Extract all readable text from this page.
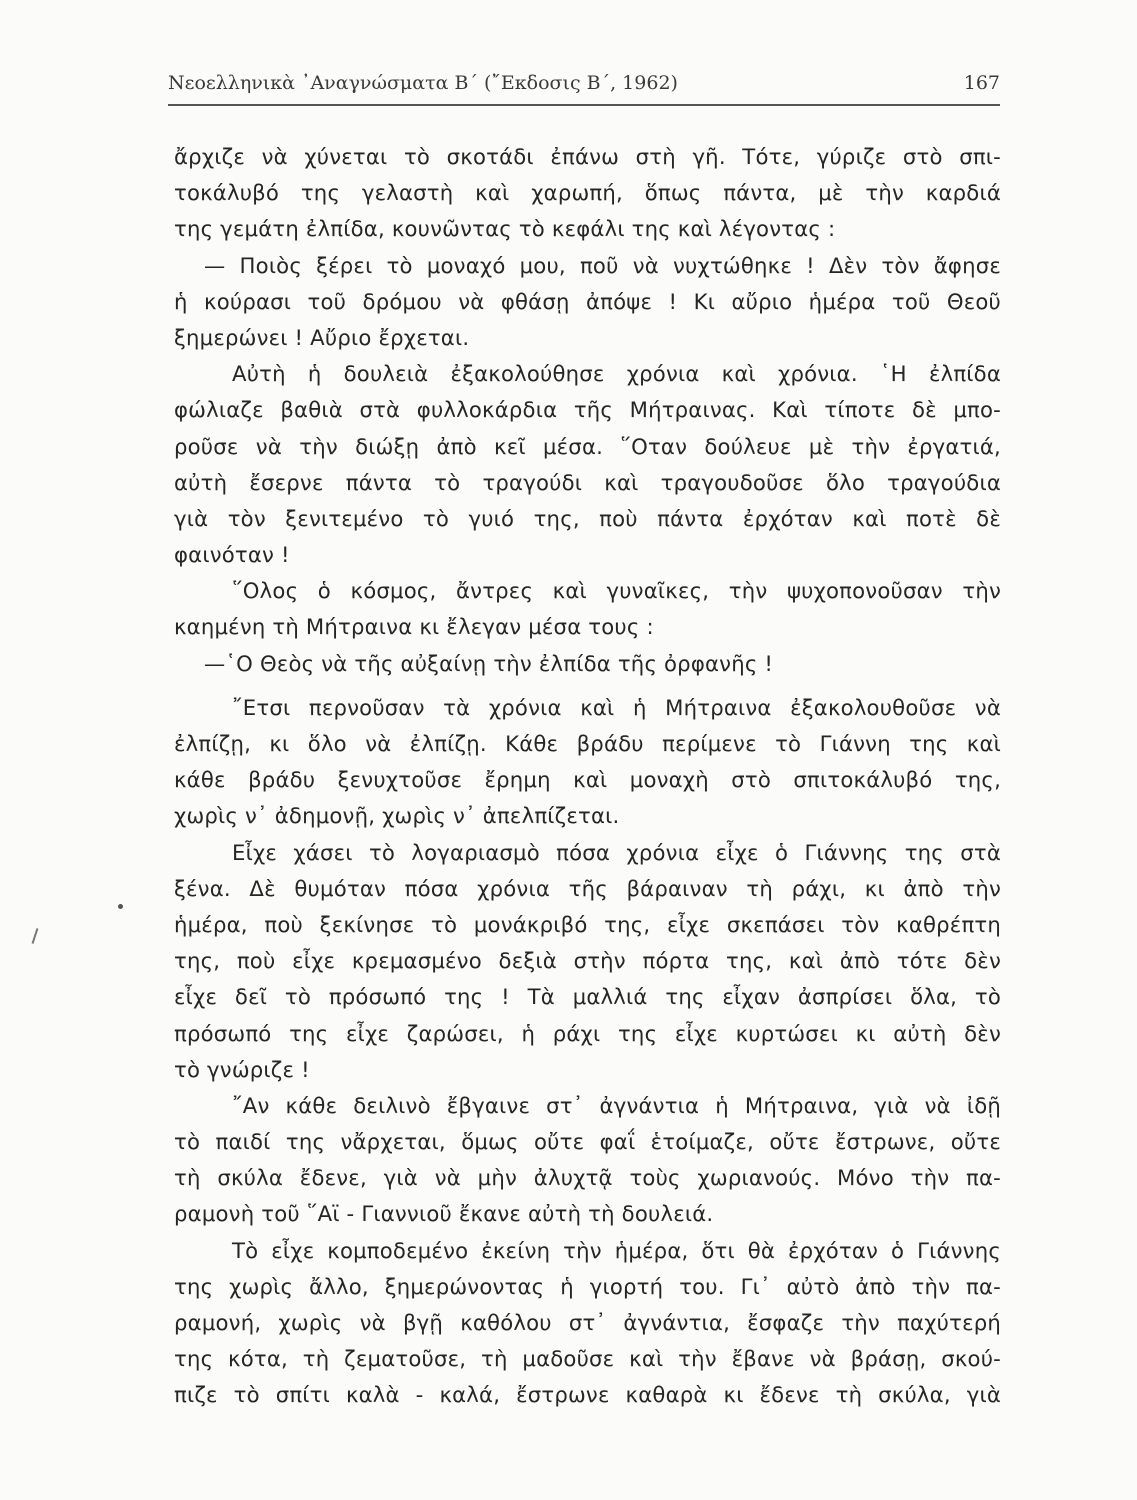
Νεοελληνικὰ ᾿Αναγνώσματα Β΄ (῎Εκδοσις Β΄, 1962)	167
ἄρχιζε νὰ χύνεται τὸ σκοτάδι ἐπάνω στὴ γῆ. Τότε, γύριζε στὸ σπι-
τοκάλυβό της γελαστὴ καὶ χαρωπή, ὅπως πάντα, μὲ τὴν καρδιά
της γεμάτη ἐλπίδα, κουνῶντας τὸ κεφάλι της καὶ λέγοντας :
— Ποιὸς ξέρει τὸ μοναχό μου, ποῦ νὰ νυχτώθηκε ! Δὲν τὸν ἄφησε
ἡ κούρασι τοῦ δρόμου νὰ φθάσῃ ἀπόψε ! Κι αὔριο ἡμέρα τοῦ Θεοῦ
ξημερώνει ! Αὔριο ἔρχεται.
Αὐτὴ ἡ δουλειὰ ἐξακολούθησε χρόνια καὶ χρόνια. ῾Η ἐλπίδα
φώλιαζε βαθιὰ στὰ φυλλοκάρδια τῆς Μήτραινας. Καὶ τίποτε δὲ μπο-
ροῦσε νὰ τὴν διώξῃ ἀπὸ κεῖ μέσα. ῞Οταν δούλευε μὲ τὴν ἐργατιά,
αὐτὴ ἔσερνε πάντα τὸ τραγούδι καὶ τραγουδοῦσε ὅλο τραγούδια
γιὰ τὸν ξενιτεμένο τὸ γυιό της, ποὺ πάντα ἐρχόταν καὶ ποτὲ δὲ
φαινόταν !
῞Ολος ὁ κόσμος, ἄντρες καὶ γυναῖκες, τὴν ψυχοπονοῦσαν τὴν
καημένη τὴ Μήτραινα κι ἔλεγαν μέσα τους :
—῾Ο Θεὸς νὰ τῆς αὐξαίνῃ τὴν ἐλπίδα τῆς ὀρφανῆς !
῎Ετσι περνοῦσαν τὰ χρόνια καὶ ἡ Μήτραινα ἐξακολουθοῦσε νὰ
ἐλπίζῃ, κι ὅλο νὰ ἐλπίζῃ. Κάθε βράδυ περίμενε τὸ Γιάννη της καὶ
κάθε βράδυ ξενυχτοῦσε ἔρημη καὶ μοναχὴ στὸ σπιτοκάλυβό της,
χωρὶς ν᾿ ἀδημονῇ, χωρὶς ν᾿ ἀπελπίζεται.
Εἶχε χάσει τὸ λογαριασμὸ πόσα χρόνια εἶχε ὁ Γιάννης της στὰ
ξένα. Δὲ θυμόταν πόσα χρόνια τῆς βάραιναν τὴ ράχι, κι ἀπὸ τὴν
ἡμέρα, ποὺ ξεκίνησε τὸ μονάκριβό της, εἶχε σκεπάσει τὸν καθρέπτη
της, ποὺ εἶχε κρεμασμένο δεξιὰ στὴν πόρτα της, καὶ ἀπὸ τότε δὲν
εἶχε δεῖ τὸ πρόσωπό της ! Τὰ μαλλιά της εἶχαν ἀσπρίσει ὅλα, τὸ
πρόσωπό της εἶχε ζαρώσει, ἡ ράχι της εἶχε κυρτώσει κι αὐτὴ δὲν
τὸ γνώριζε !
῎Αν κάθε δειλινὸ ἔβγαινε στ᾿ ἀγνάντια ἡ Μήτραινα, γιὰ νὰ ἰδῇ
τὸ παιδί της νἄρχεται, ὅμως οὔτε φαΐ ἑτοίμαζε, οὔτε ἔστρωνε, οὔτε
τὴ σκύλα ἔδενε, γιὰ νὰ μὴν ἀλυχτᾷ τοὺς χωριανούς. Μόνο τὴν πα-
ραμονὴ τοῦ ῞Αϊ - Γιαννιοῦ ἔκανε αὐτὴ τὴ δουλειά.
Τὸ εἶχε κομποδεμένο ἐκείνη τὴν ἡμέρα, ὅτι θὰ ἐρχόταν ὁ Γιάννης
της χωρὶς ἄλλο, ξημερώνοντας ἡ γιορτή του. Γι᾿ αὐτὸ ἀπὸ τὴν πα-
ραμονή, χωρὶς νὰ βγῇ καθόλου στ᾿ ἀγνάντια, ἔσφαζε τὴν παχύτερή
της κότα, τὴ ζεματοῦσε, τὴ μαδοῦσε καὶ τὴν ἔβανε νὰ βράσῃ, σκού-
πιζε τὸ σπίτι καλὰ - καλά, ἔστρωνε καθαρὰ κι ἔδενε τὴ σκύλα, γιὰ
